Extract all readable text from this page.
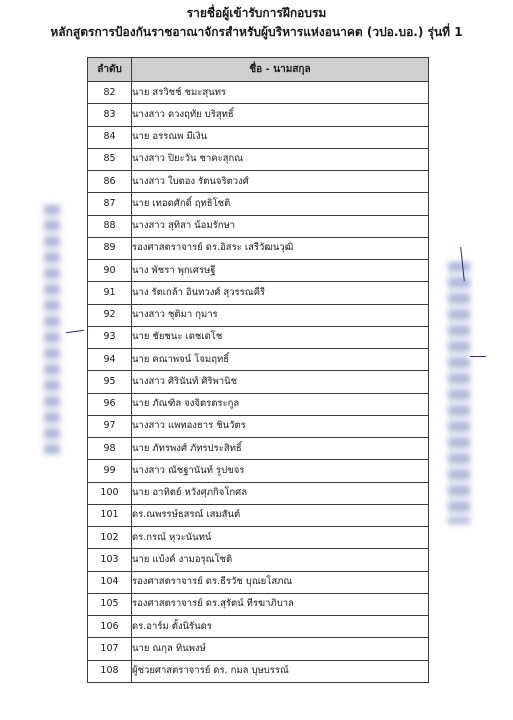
รายชื่อผู้เข้ารับการฝึกอบรม
หลักสูตรการป้องกันราชอาณาจักรสำหรับผู้บริหารแห่งอนาคต (วปอ.บอ.) รุ่นที่ 1
ลำดับ	ชื่อ - นามสกุล
82	นาย สรวิชช์ ชมะสุนทร
83	นางสาว ดวงฤทัย บริสุทธิ์
84	นาย อรรณพ มีเงิน
85	นางสาว ปิยะวัน ชาคะสุกณ
86	นางสาว ใบตอง รัตนจริตวงศ์
87	นาย เทอดศักดิ์ ฤทธิโชติ
88	นางสาว สุทิสา น้อมรักษา
89	รองศาสตราจารย์ ดร.อิสระ เสรีวัฒนวุฒิ
90	นาง พัชรา พุกเศรษฐี
91	นาง รัตเกล้า อินทวงศ์ สุวรรณคีรี
92	นางสาว ชุติมา กุมาร
93	นาย ชัยชนะ เดชเดโช
94	นาย คณาพจน์ โจมฤทธิ์
95	นางสาว ศิรินันท์ ศิริพานิช
96	นาย ภัณฑิล จงจิตรตระกูล
97	นางสาว แพทองธาร ชินวัตร
98	นาย ภัทรพงศ์ ภัทรประสิทธิ์
99	นางสาว ณัชฐานันท์ รูปขจร
100	นาย อาทิตย์ หวังศุภกิจโกศล
101	ดร.ณพรรษ์ธสรณ์ เสมสันต์
102	ดร.กรณ์ หุวะนันทน์
103	นาย แบ้งค์ งามอรุณโชติ
104	รองศาสตราจารย์ ดร.ธีรวัช บุณยโสภณ
105	รองศาสตราจารย์ ดร.สุรัตน์ ทีรฆาภิบาล
106	ดร.อาร์ม ตั้งนิรันดร
107	นาย ณกุล ทินพงษ์
108	ผู้ช่วยศาสตราจารย์ ดร. กมล บุษบรรณ์
